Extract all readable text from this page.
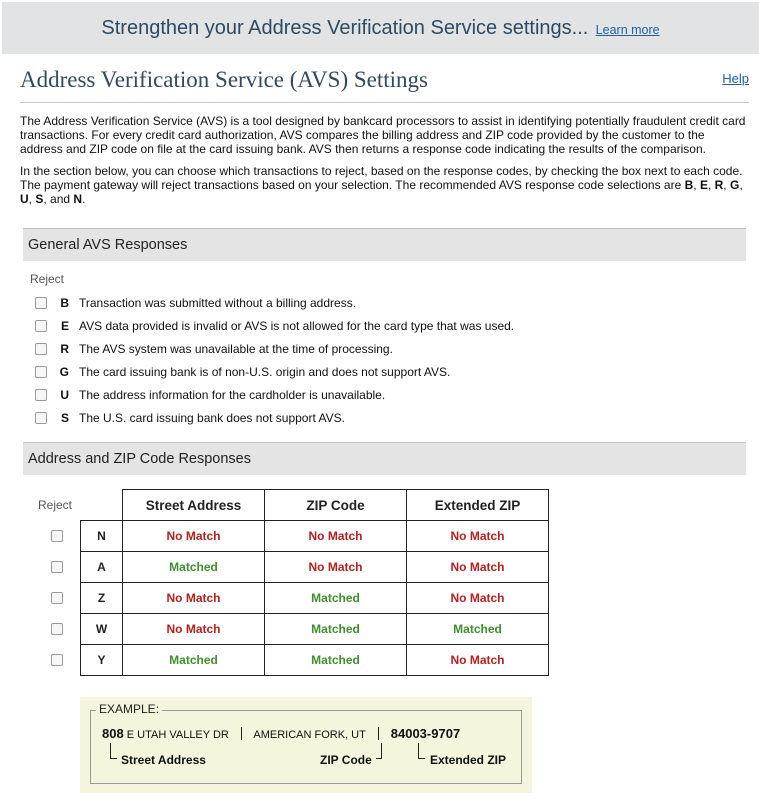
Strengthen your Address Verification Service settings... Learn more
Address Verification Service (AVS) Settings	Help
The Address Verification Service (AVS) is a tool designed by bankcard processors to assist in identifying potentially fraudulent credit card transactions. For every credit card authorization, AVS compares the billing address and ZIP code provided by the customer to the address and ZIP code on file at the card issuing bank. AVS then returns a response code indicating the results of the comparison.
In the section below, you can choose which transactions to reject, based on the response codes, by checking the box next to each code. The payment gateway will reject transactions based on your selection. The recommended AVS response code selections are B, E, R, G, U, S, and N.
General AVS Responses
Reject
B Transaction was submitted without a billing address.
E AVS data provided is invalid or AVS is not allowed for the card type that was used.
R The AVS system was unavailable at the time of processing.
G The card issuing bank is of non-U.S. origin and does not support AVS.
U The address information for the cardholder is unavailable.
S The U.S. card issuing bank does not support AVS.
Address and ZIP Code Responses
Reject
		Street Address	ZIP Code	Extended ZIP
N	No Match	No Match	No Match
A	Matched	No Match	No Match
Z	No Match	Matched	No Match
W	No Match	Matched	Matched
Y	Matched	Matched	No Match
EXAMPLE:
808 E UTAH VALLEY DR AMERICAN FORK, UT 84003-9707
Street Address	ZIP Code	Extended ZIP
